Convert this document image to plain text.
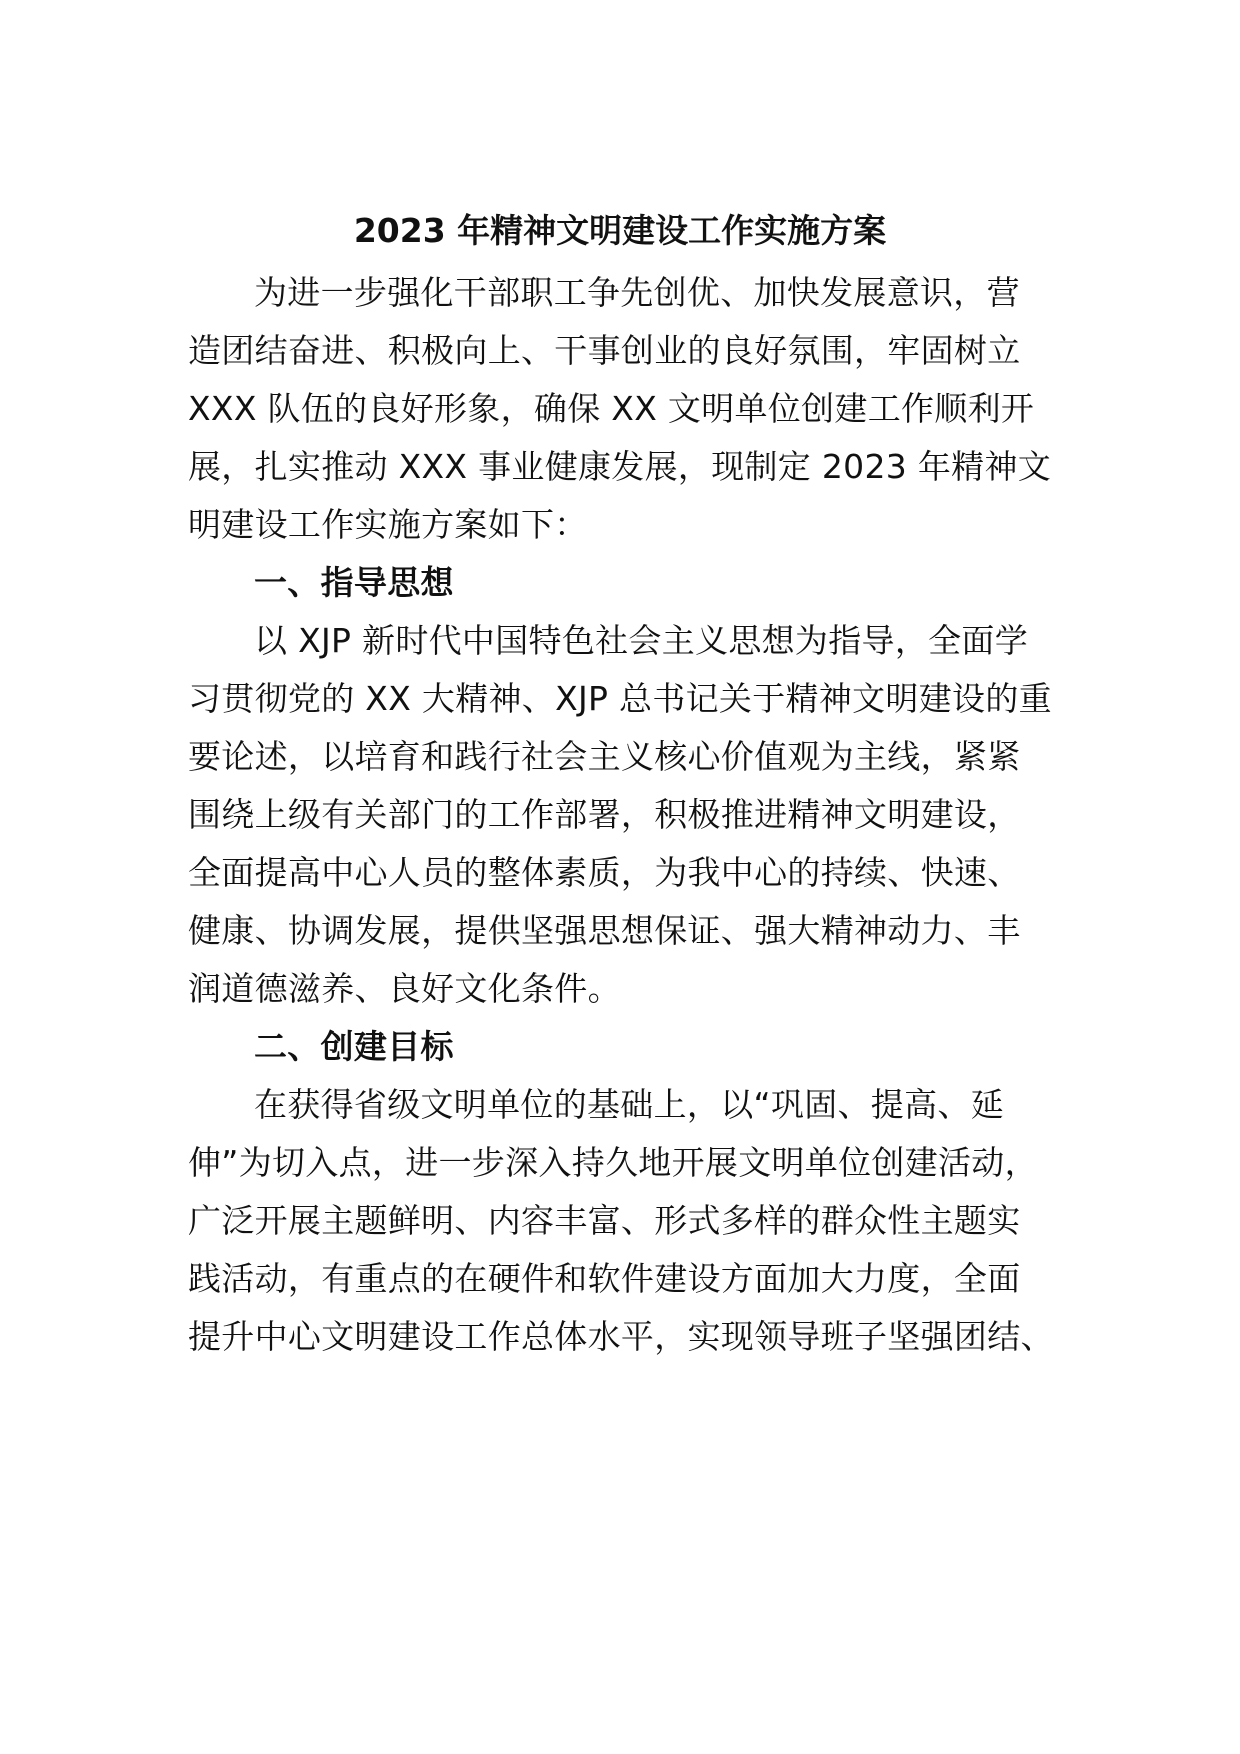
2023 年精神文明建设工作实施方案
为进一步强化干部职工争先创优、加快发展意识，营
造团结奋进、积极向上、干事创业的良好氛围，牢固树立
XXX 队伍的良好形象，确保 XX 文明单位创建工作顺利开
展，扎实推动 XXX 事业健康发展，现制定 2023 年精神文
明建设工作实施方案如下：
一、指导思想
以 XJP 新时代中国特色社会主义思想为指导，全面学
习贯彻党的 XX 大精神、XJP 总书记关于精神文明建设的重
要论述，以培育和践行社会主义核心价值观为主线，紧紧
围绕上级有关部门的工作部署，积极推进精神文明建设，
全面提高中心人员的整体素质，为我中心的持续、快速、
健康、协调发展，提供坚强思想保证、强大精神动力、丰
润道德滋养、良好文化条件。
二、创建目标
在获得省级文明单位的基础上，以“巩固、提高、延
伸”为切入点，进一步深入持久地开展文明单位创建活动，
广泛开展主题鲜明、内容丰富、形式多样的群众性主题实
践活动，有重点的在硬件和软件建设方面加大力度，全面
提升中心文明建设工作总体水平，实现领导班子坚强团结、
